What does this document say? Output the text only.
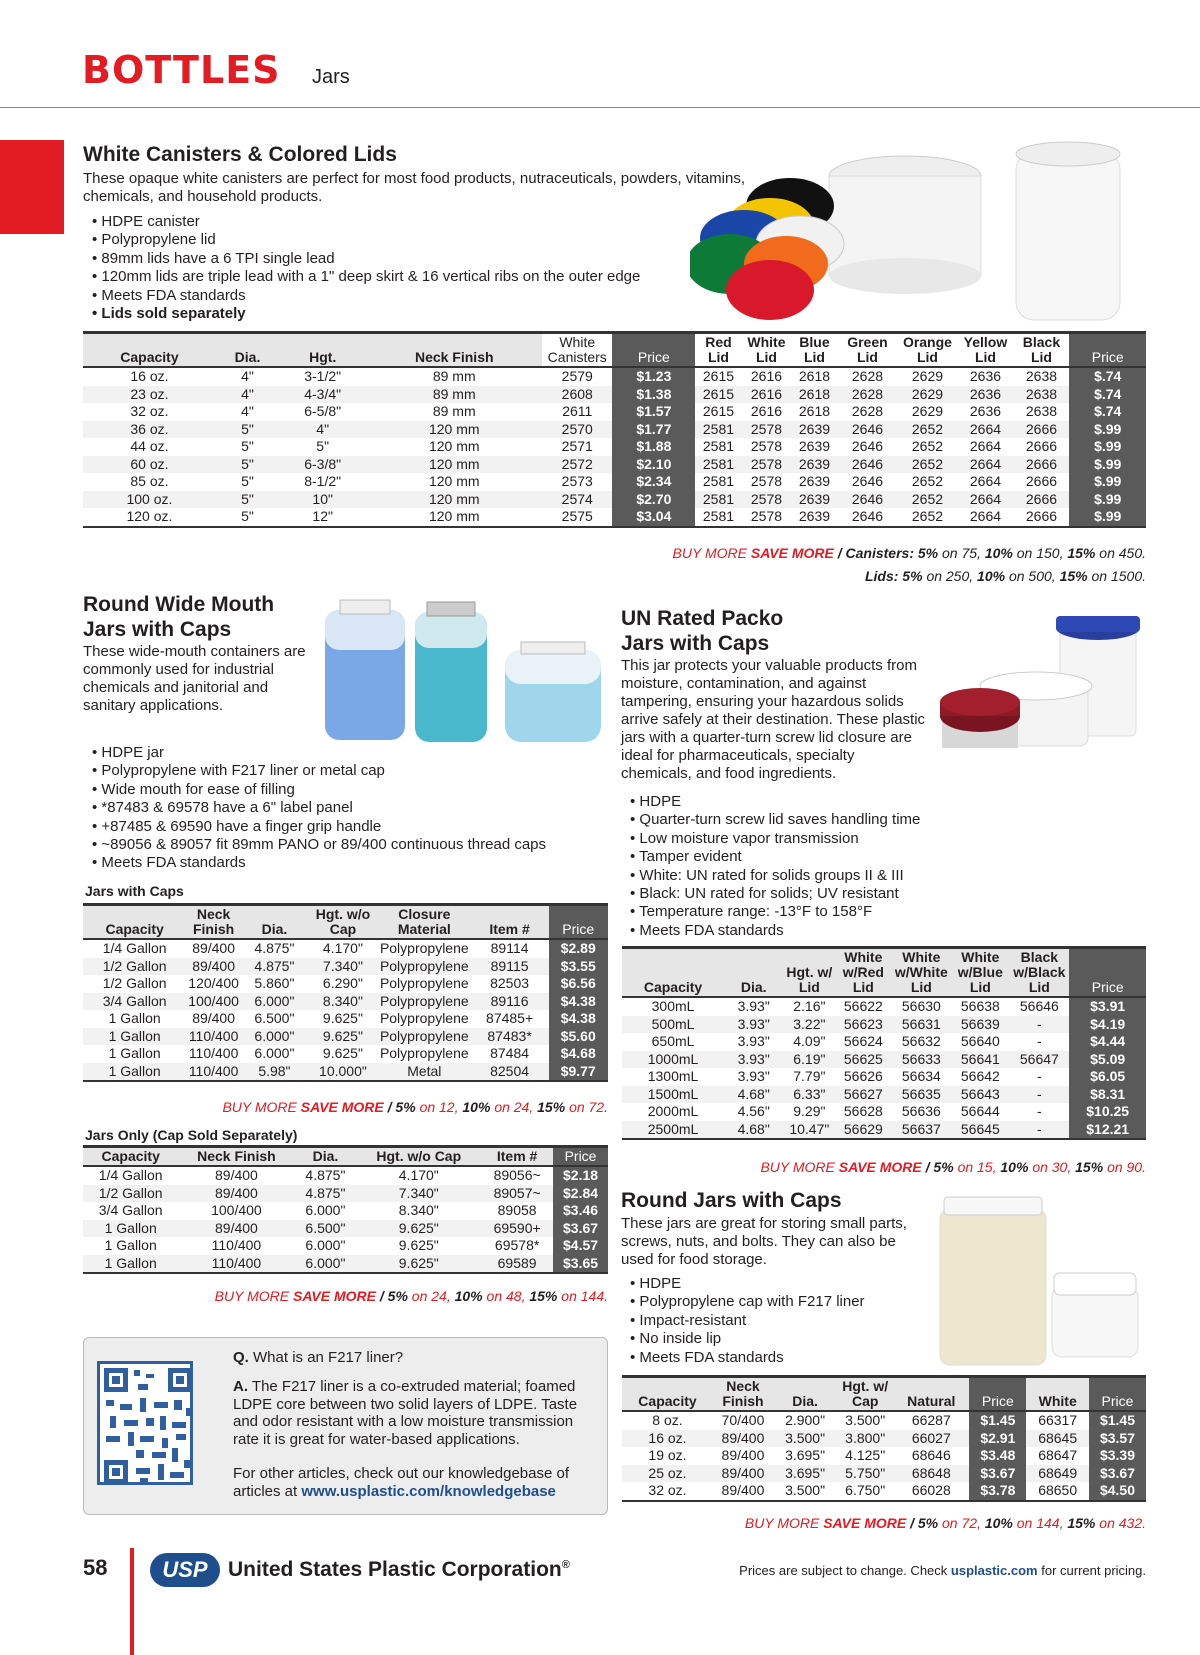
BOTTLES Jars
White Canisters & Colored Lids

These opaque white canisters are perfect for most food products, nutraceuticals, powders, vitamins, chemicals, and household products.

• HDPE canister
• Polypropylene lid
• 89mm lids have a 6 TPI single lead
• 120mm lids are triple lead with a 1" deep skirt & 16 vertical ribs on the outer edge
• Meets FDA standards
• Lids sold separately
Capacity	Dia.	Hgt.	Neck Finish	White Canisters	Price	Red Lid	White Lid	Blue Lid	Green Lid	Orange Lid	Yellow Lid	Black Lid	Price
16 oz.	4"	3-1/2"	89 mm	2579	$1.23	2615	2616	2618	2628	2629	2636	2638	$.74
23 oz.	4"	4-3/4"	89 mm	2608	$1.38	2615	2616	2618	2628	2629	2636	2638	$.74
32 oz.	4"	6-5/8"	89 mm	2611	$1.57	2615	2616	2618	2628	2629	2636	2638	$.74
36 oz.	5"	4"	120 mm	2570	$1.77	2581	2578	2639	2646	2652	2664	2666	$.99
44 oz.	5"	5"	120 mm	2571	$1.88	2581	2578	2639	2646	2652	2664	2666	$.99
60 oz.	5"	6-3/8"	120 mm	2572	$2.10	2581	2578	2639	2646	2652	2664	2666	$.99
85 oz.	5"	8-1/2"	120 mm	2573	$2.34	2581	2578	2639	2646	2652	2664	2666	$.99
100 oz.	5"	10"	120 mm	2574	$2.70	2581	2578	2639	2646	2652	2664	2666	$.99
120 oz.	5"	12"	120 mm	2575	$3.04	2581	2578	2639	2646	2652	2664	2666	$.99
BUY MORE SAVE MORE / Canisters: 5% on 75, 10% on 150, 15% on 450.
Lids: 5% on 250, 10% on 500, 15% on 1500.
Round Wide Mouth
Jars with Caps

These wide-mouth containers are commonly used for industrial chemicals and janitorial and sanitary applications.

• HDPE jar
• Polypropylene with F217 liner or metal cap
• Wide mouth for ease of filling
• *87483 & 69578 have a 6" label panel
• +87485 & 69590 have a finger grip handle
• ~89056 & 89057 fit 89mm PANO or 89/400 continuous thread caps
• Meets FDA standards
Jars with Caps
Capacity	Neck Finish	Dia.	Hgt. w/o Cap	Closure Material	Item #	Price
1/4 Gallon	89/400	4.875"	4.170"	Polypropylene	89114	$2.89
1/2 Gallon	89/400	4.875"	7.340"	Polypropylene	89115	$3.55
1/2 Gallon	120/400	5.860"	6.290"	Polypropylene	82503	$6.56
3/4 Gallon	100/400	6.000"	8.340"	Polypropylene	89116	$4.38
1 Gallon	89/400	6.500"	9.625"	Polypropylene	87485+	$4.38
1 Gallon	110/400	6.000"	9.625"	Polypropylene	87483*	$5.60
1 Gallon	110/400	6.000"	9.625"	Polypropylene	87484	$4.68
1 Gallon	110/400	5.98"	10.000"	Metal	82504	$9.77
BUY MORE SAVE MORE / 5% on 12, 10% on 24, 15% on 72.
Jars Only (Cap Sold Separately)
Capacity	Neck Finish	Dia.	Hgt. w/o Cap	Item #	Price
1/4 Gallon	89/400	4.875"	4.170"	89056~	$2.18
1/2 Gallon	89/400	4.875"	7.340"	89057~	$2.84
3/4 Gallon	100/400	6.000"	8.340"	89058	$3.46
1 Gallon	89/400	6.500"	9.625"	69590+	$3.67
1 Gallon	110/400	6.000"	9.625"	69578*	$4.57
1 Gallon	110/400	6.000"	9.625"	69589	$3.65
BUY MORE SAVE MORE / 5% on 24, 10% on 48, 15% on 144.
Q. What is an F217 liner?
A. The F217 liner is a co-extruded material; foamed LDPE core between two solid layers of LDPE. Taste and odor resistant with a low moisture transmission rate it is great for water-based applications.
For other articles, check out our knowledgebase of articles at www.usplastic.com/knowledgebase
UN Rated Packo
Jars with Caps

This jar protects your valuable products from moisture, contamination, and against tampering, ensuring your hazardous solids arrive safely at their destination. These plastic jars with a quarter-turn screw lid closure are ideal for pharmaceuticals, specialty chemicals, and food ingredients.

• HDPE
• Quarter-turn screw lid saves handling time
• Low moisture vapor transmission
• Tamper evident
• White: UN rated for solids groups II & III
• Black: UN rated for solids; UV resistant
• Temperature range: -13°F to 158°F
• Meets FDA standards
Capacity	Dia.	Hgt. w/ Lid	White w/Red Lid	White w/White Lid	White w/Blue Lid	Black w/Black Lid	Price
300mL	3.93"	2.16"	56622	56630	56638	56646	$3.91
500mL	3.93"	3.22"	56623	56631	56639	-	$4.19
650mL	3.93"	4.09"	56624	56632	56640	-	$4.44
1000mL	3.93"	6.19"	56625	56633	56641	56647	$5.09
1300mL	3.93"	7.79"	56626	56634	56642	-	$6.05
1500mL	4.68"	6.33"	56627	56635	56643	-	$8.31
2000mL	4.56"	9.29"	56628	56636	56644	-	$10.25
2500mL	4.68"	10.47"	56629	56637	56645	-	$12.21
BUY MORE SAVE MORE / 5% on 15, 10% on 30, 15% on 90.
Round Jars with Caps

These jars are great for storing small parts, screws, nuts, and bolts. They can also be used for food storage.

• HDPE
• Polypropylene cap with F217 liner
• Impact-resistant
• No inside lip
• Meets FDA standards
Capacity	Neck Finish	Dia.	Hgt. w/ Cap	Natural	Price	White	Price
8 oz.	70/400	2.900"	3.500"	66287	$1.45	66317	$1.45
16 oz.	89/400	3.500"	3.800"	66027	$2.91	68645	$3.57
19 oz.	89/400	3.695"	4.125"	68646	$3.48	68647	$3.39
25 oz.	89/400	3.695"	5.750"	68648	$3.67	68649	$3.67
32 oz.	89/400	3.500"	6.750"	66028	$3.78	68650	$4.50
BUY MORE SAVE MORE / 5% on 72, 10% on 144, 15% on 432.
58	USP United States Plastic Corporation®	Prices are subject to change. Check usplastic.com for current pricing.
